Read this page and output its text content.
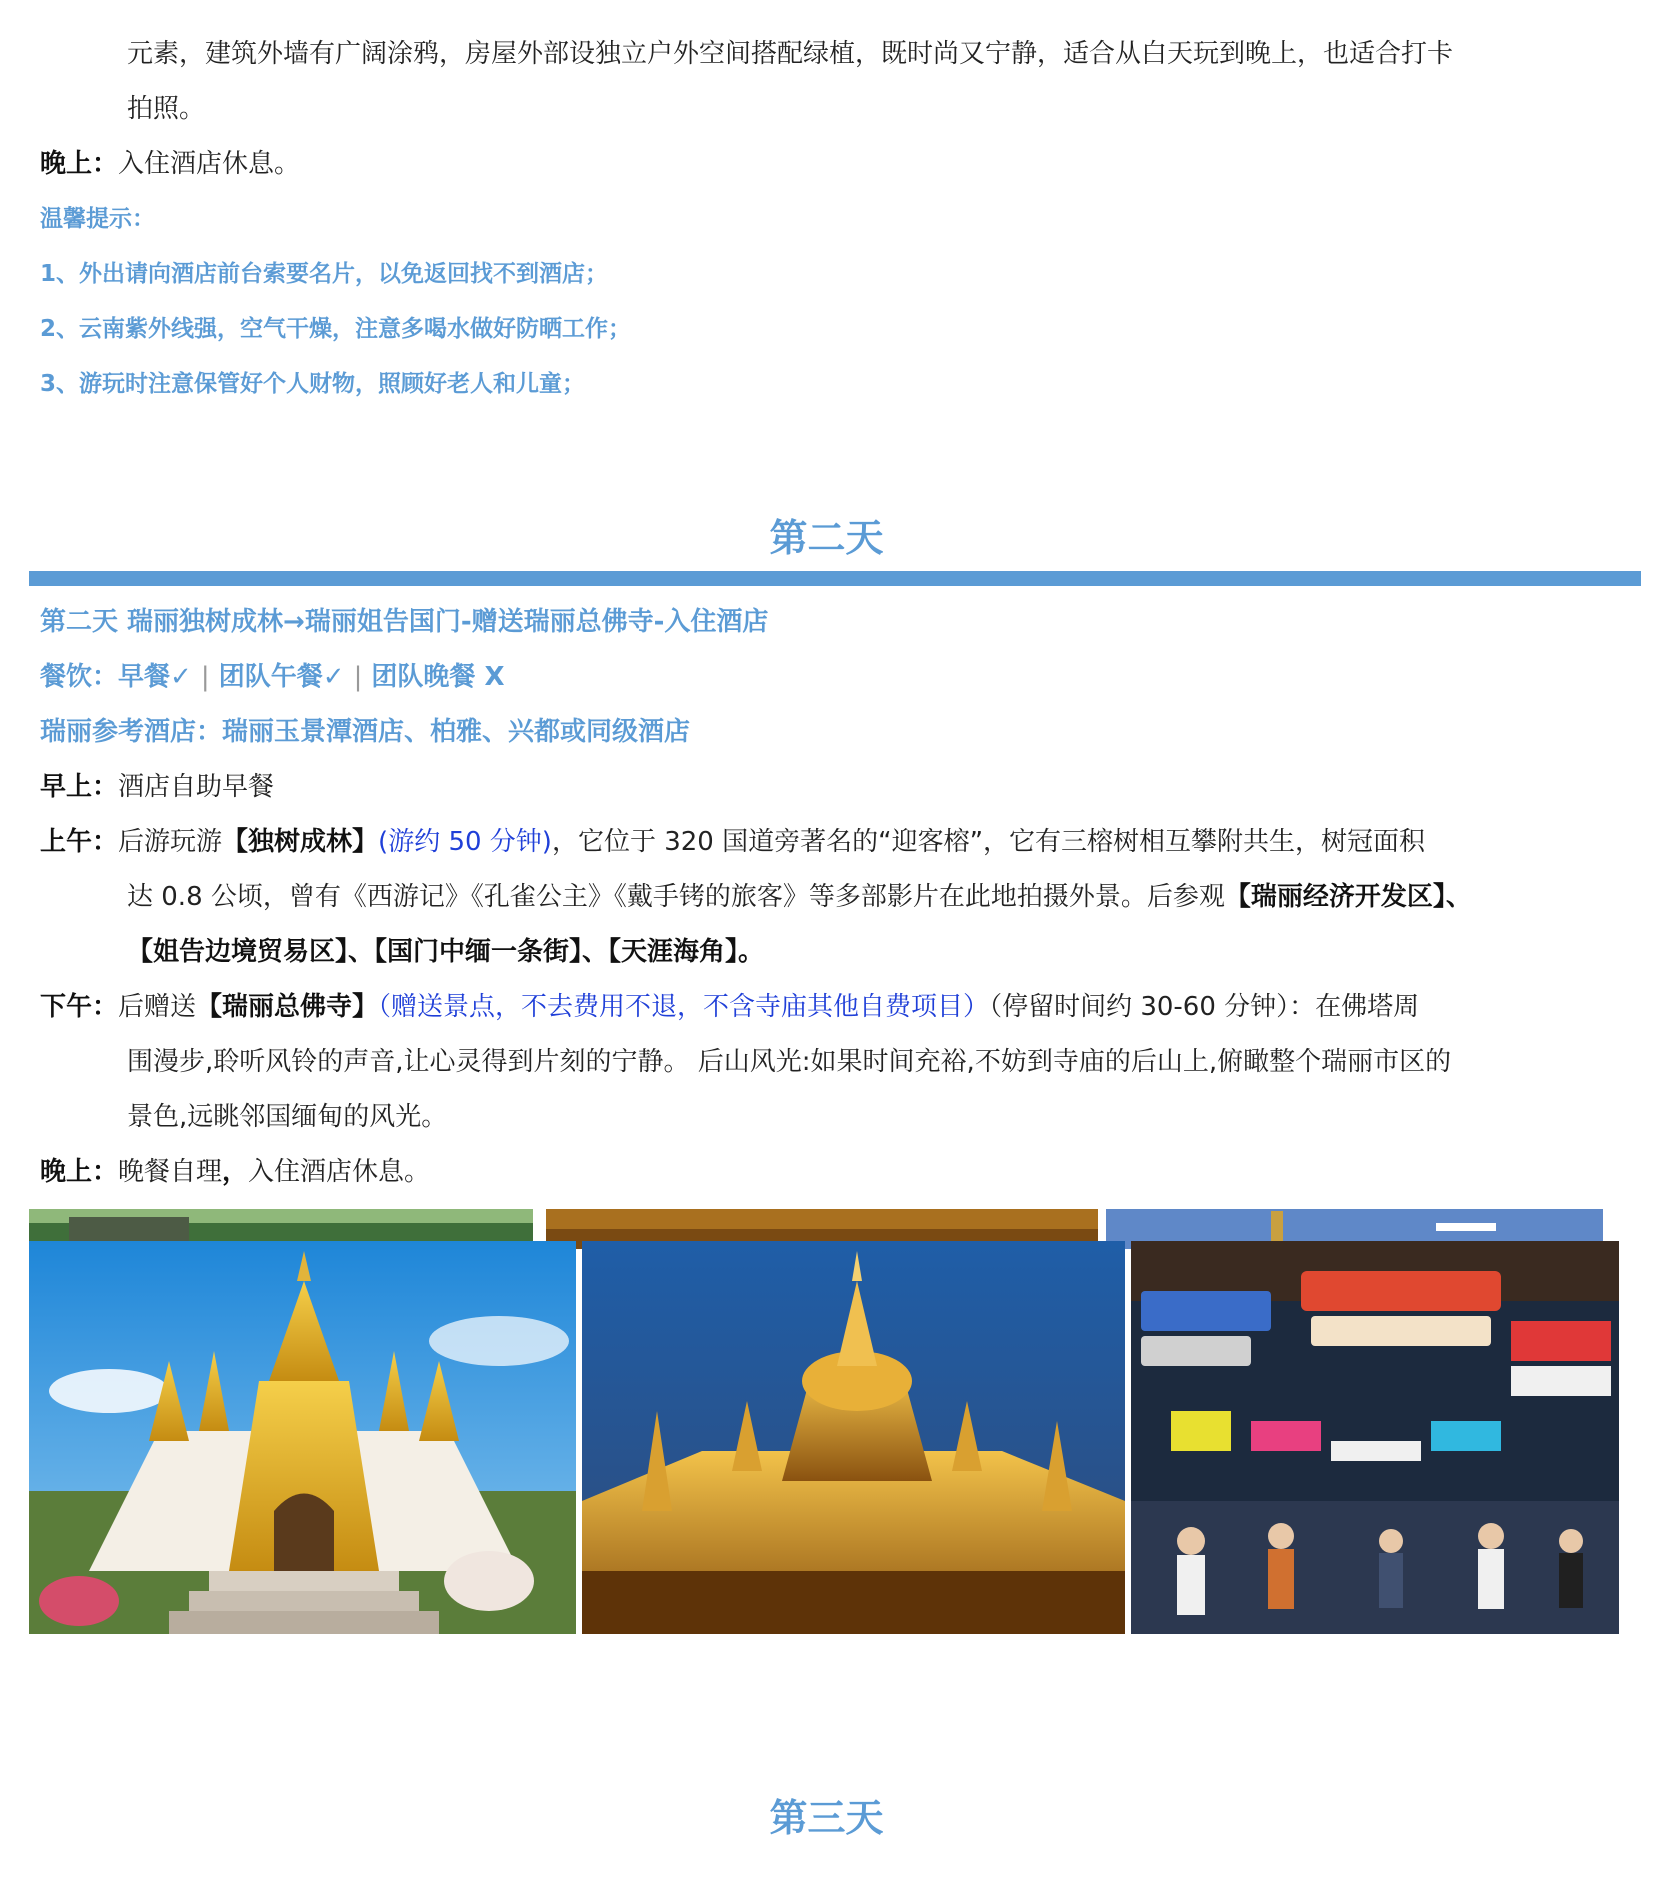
元素，建筑外墙有广阔涂鸦，房屋外部设独立户外空间搭配绿植，既时尚又宁静，适合从白天玩到晚上，也适合打卡
拍照。
晚上：入住酒店休息。
温馨提示：
1、外出请向酒店前台索要名片，以免返回找不到酒店；
2、云南紫外线强，空气干燥，注意多喝水做好防晒工作；
3、游玩时注意保管好个人财物，照顾好老人和儿童；
第二天
第二天 瑞丽独树成林→瑞丽姐告国门-赠送瑞丽总佛寺-入住酒店
餐饮：早餐✓ | 团队午餐✓ | 团队晚餐 X
瑞丽参考酒店：瑞丽玉景潭酒店、柏雅、兴都或同级酒店
早上：酒店自助早餐
上午：后游玩游【独树成林】(游约 50 分钟)，它位于 320 国道旁著名的“迎客榕”，它有三榕树相互攀附共生，树冠面积
达 0.8 公顷，曾有《西游记》《孔雀公主》《戴手铐的旅客》等多部影片在此地拍摄外景。后参观【瑞丽经济开发区】、
【姐告边境贸易区】、【国门中缅一条街】、【天涯海角】。
下午：后赠送【瑞丽总佛寺】（赠送景点，不去费用不退，不含寺庙其他自费项目）（停留时间约 30-60 分钟）：在佛塔周
围漫步,聆听风铃的声音,让心灵得到片刻的宁静。 后山风光:如果时间充裕,不妨到寺庙的后山上,俯瞰整个瑞丽市区的
景色,远眺邻国缅甸的风光。
晚上：晚餐自理，入住酒店休息。
第三天
